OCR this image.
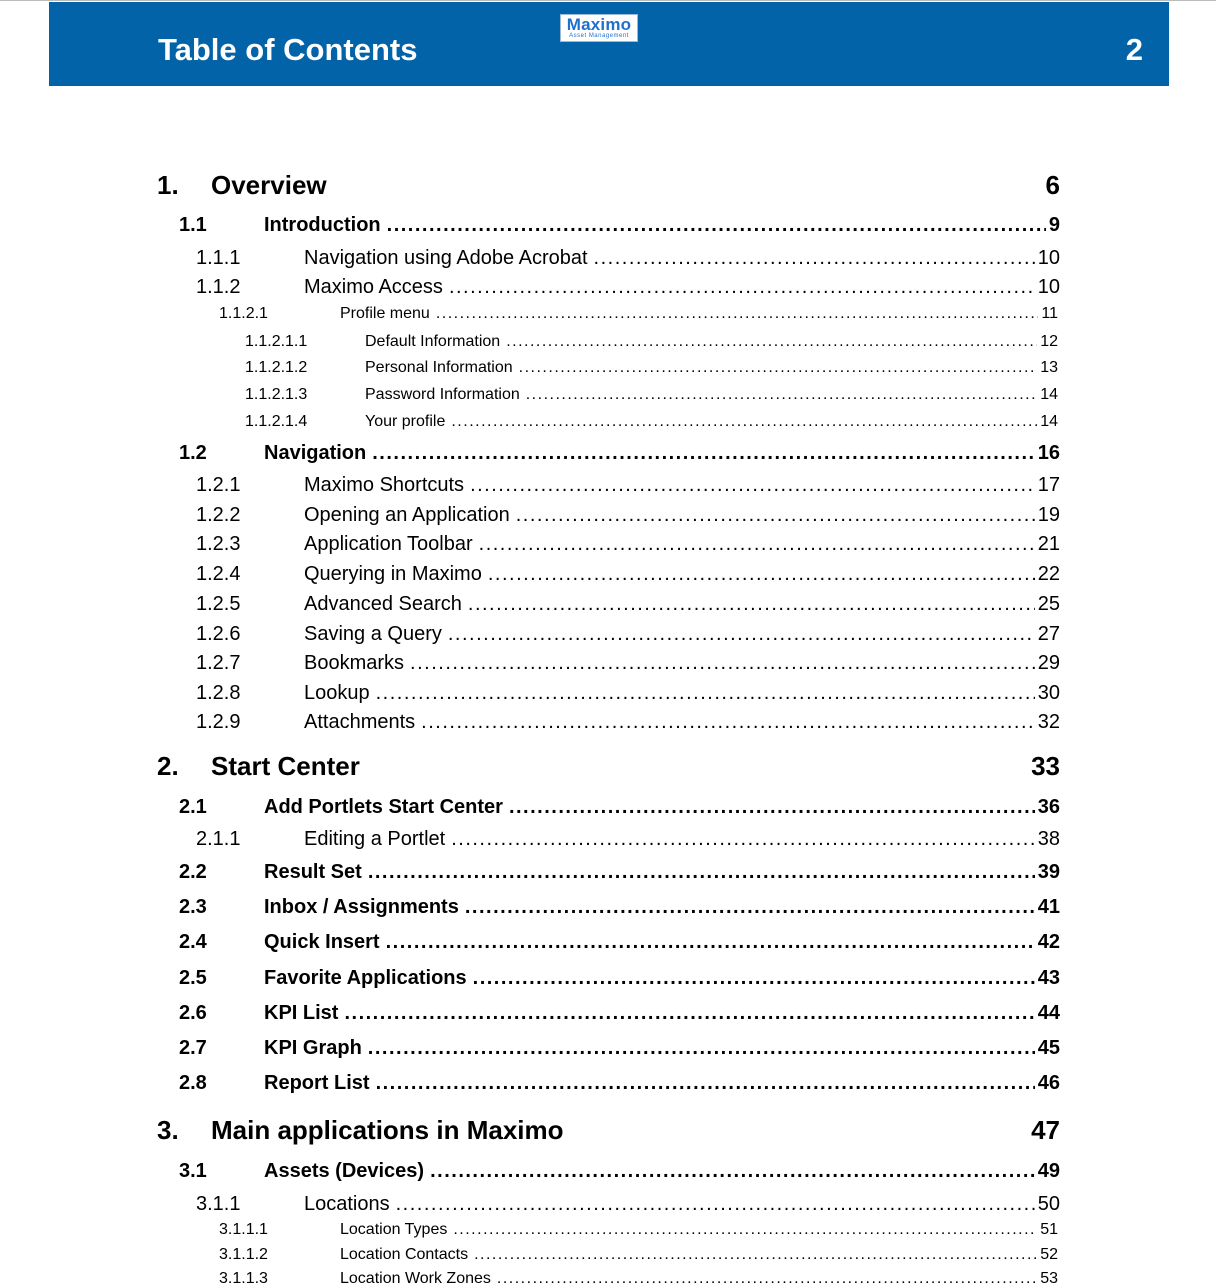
Table of Contents
Maximo
Asset Management	2
1.	Overview	6
1.1	Introduction .....	9
1.1.1	Navigation using Adobe Acrobat .....	10
1.1.2	Maximo Access .....	10
1.1.2.1	Profile menu .....	11
1.1.2.1.1	Default Information .....	12
1.1.2.1.2	Personal Information .....	13
1.1.2.1.3	Password Information .....	14
1.1.2.1.4	Your profile .....	14
1.2	Navigation .....	16
1.2.1	Maximo Shortcuts .....	17
1.2.2	Opening an Application .....	19
1.2.3	Application Toolbar .....	21
1.2.4	Querying in Maximo .....	22
1.2.5	Advanced Search .....	25
1.2.6	Saving a Query .....	27
1.2.7	Bookmarks .....	29
1.2.8	Lookup .....	30
1.2.9	Attachments .....	32
2.	Start Center	33
2.1	Add Portlets Start Center .....	36
2.1.1	Editing a Portlet .....	38
2.2	Result Set .....	39
2.3	Inbox / Assignments .....	41
2.4	Quick Insert .....	42
2.5	Favorite Applications .....	43
2.6	KPI List .....	44
2.7	KPI Graph .....	45
2.8	Report List .....	46
3.	Main applications in Maximo	47
3.1	Assets (Devices) .....	49
3.1.1	Locations .....	50
3.1.1.1	Location Types .....	51
3.1.1.2	Location Contacts .....	52
3.1.1.3	Location Work Zones .....	53
